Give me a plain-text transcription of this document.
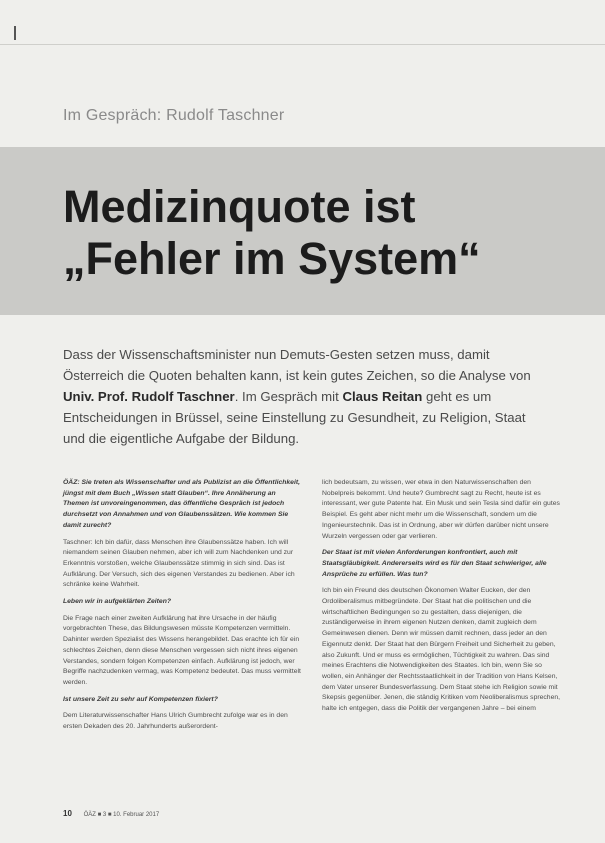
Im Gespräch: Rudolf Taschner
Medizinquote ist
„Fehler im System“

Dass der Wissenschaftsminister nun Demuts-Gesten setzen muss, damit Österreich die Quoten behalten kann, ist kein gutes Zeichen, so die Analyse von Univ. Prof. Rudolf Taschner. Im Gespräch mit Claus Reitan geht es um Entscheidungen in Brüssel, seine Einstellung zu Gesundheit, zu Religion, Staat und die eigentliche Aufgabe der Bildung.

ÖÄZ: Sie treten als Wissenschafter und als Publizist an die Öffentlichkeit, jüngst mit dem Buch „Wissen statt Glauben“. Ihre Annäherung an Themen ist unvoreingenommen, das öffentliche Gespräch ist jedoch durchsetzt von Annahmen und von Glaubenssätzen. Wie kommen Sie damit zurecht?

Taschner: Ich bin dafür, dass Menschen ihre Glaubenssätze haben. Ich will niemandem seinen Glauben nehmen, aber ich will zum Nachdenken und zur Erkenntnis vorstoßen, welche Glaubenssätze stimmig in sich sind. Das ist Aufklärung. Der Versuch, sich des eigenen Verstandes zu bedienen. Aber ich schränke keine Wahrheit.

Leben wir in aufgeklärten Zeiten?

Die Frage nach einer zweiten Aufklärung hat ihre Ursache in der häufig vorgebrachten These, das Bildungswesen müsste Kompetenzen vermitteln. Dahinter werden Spezialist des Wissens herangebildet. Das erachte ich für ein schlechtes Zeichen, denn diese Menschen vergessen sich nicht ihres eigenen Verstandes, sondern folgen Kompetenzen einfach. Aufklärung ist jedoch, wer Begriffe nachzudenken vermag, was Kompetenz bedeutet. Das muss vermittelt werden.

Ist unsere Zeit zu sehr auf Kompetenzen fixiert?

Dem Literaturwissenschafter Hans Ulrich Gumbrecht zufolge war es in den ersten Dekaden des 20. Jahrhunderts außerordent-

lich bedeutsam, zu wissen, wer etwa in den Naturwissenschaften den Nobelpreis bekommt. Und heute? Gumbrecht sagt zu Recht, heute ist es interessant, wer gute Patente hat. Ein Musk und sein Tesla sind dafür ein gutes Beispiel. Es geht aber nicht mehr um die Wissenschaft, sondern um die Ingenieurstechnik. Das ist in Ordnung, aber wir dürfen darüber nicht unsere Wurzeln vergessen oder gar verlieren.

Der Staat ist mit vielen Anforderungen konfrontiert, auch mit Staatsgläubigkeit. Andererseits wird es für den Staat schwieriger, alle Ansprüche zu erfüllen. Was tun?

Ich bin ein Freund des deutschen Ökonomen Walter Eucken, der den Ordoliberalismus mitbegründete. Der Staat hat die politischen und die wirtschaftlichen Bedingungen so zu gestalten, dass diejenigen, die zuständigerweise in ihrem eigenen Nutzen denken, damit zugleich dem Gemeinwesen dienen. Denn wir müssen damit rechnen, dass jeder an den Eigennutz denkt. Der Staat hat den Bürgern Freiheit und Sicherheit zu geben, also Zukunft. Und er muss es ermöglichen, Tüchtigkeit zu wahren. Das sind meines Erachtens die Notwendigkeiten des Staates. Ich bin, wenn Sie so wollen, ein Anhänger der Rechtsstaatlichkeit in der Tradition von Hans Kelsen, dem Vater unserer Bundesverfassung. Dem Staat stehe ich Religion sowie mit Skepsis gegenüber. Jenen, die ständig Kritiken vom Neoliberalismus sprechen, halte ich entgegen, dass die Politik der vergangenen Jahre – bei einem

10 ÖÄZ ■ 3 ■ 10. Februar 2017
